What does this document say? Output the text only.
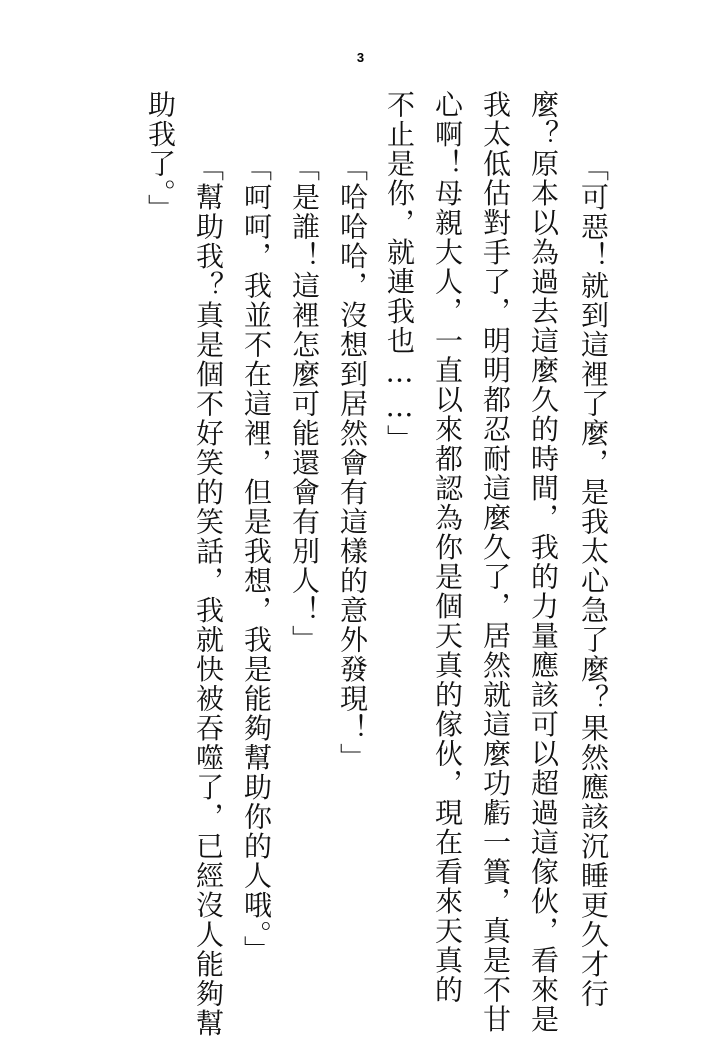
3
「可惡！就到這裡了麼，是我太心急了麼？果然應該沉睡更久才行
麼？原本以為過去這麼久的時間，我的力量應該可以超過這傢伙，看來是
我太低估對手了，明明都忍耐這麼久了，居然就這麼功虧一簣，真是不甘
心啊！母親大人，一直以來都認為你是個天真的傢伙，現在看來天真的
不止是你，就連我也……」
「哈哈哈，沒想到居然會有這樣的意外發現！」
「是誰！這裡怎麼可能還會有別人！」
「呵呵，我並不在這裡，但是我想，我是能夠幫助你的人哦。」
「幫助我？真是個不好笑的笑話，我就快被吞噬了，已經沒人能夠幫
助我了。」
